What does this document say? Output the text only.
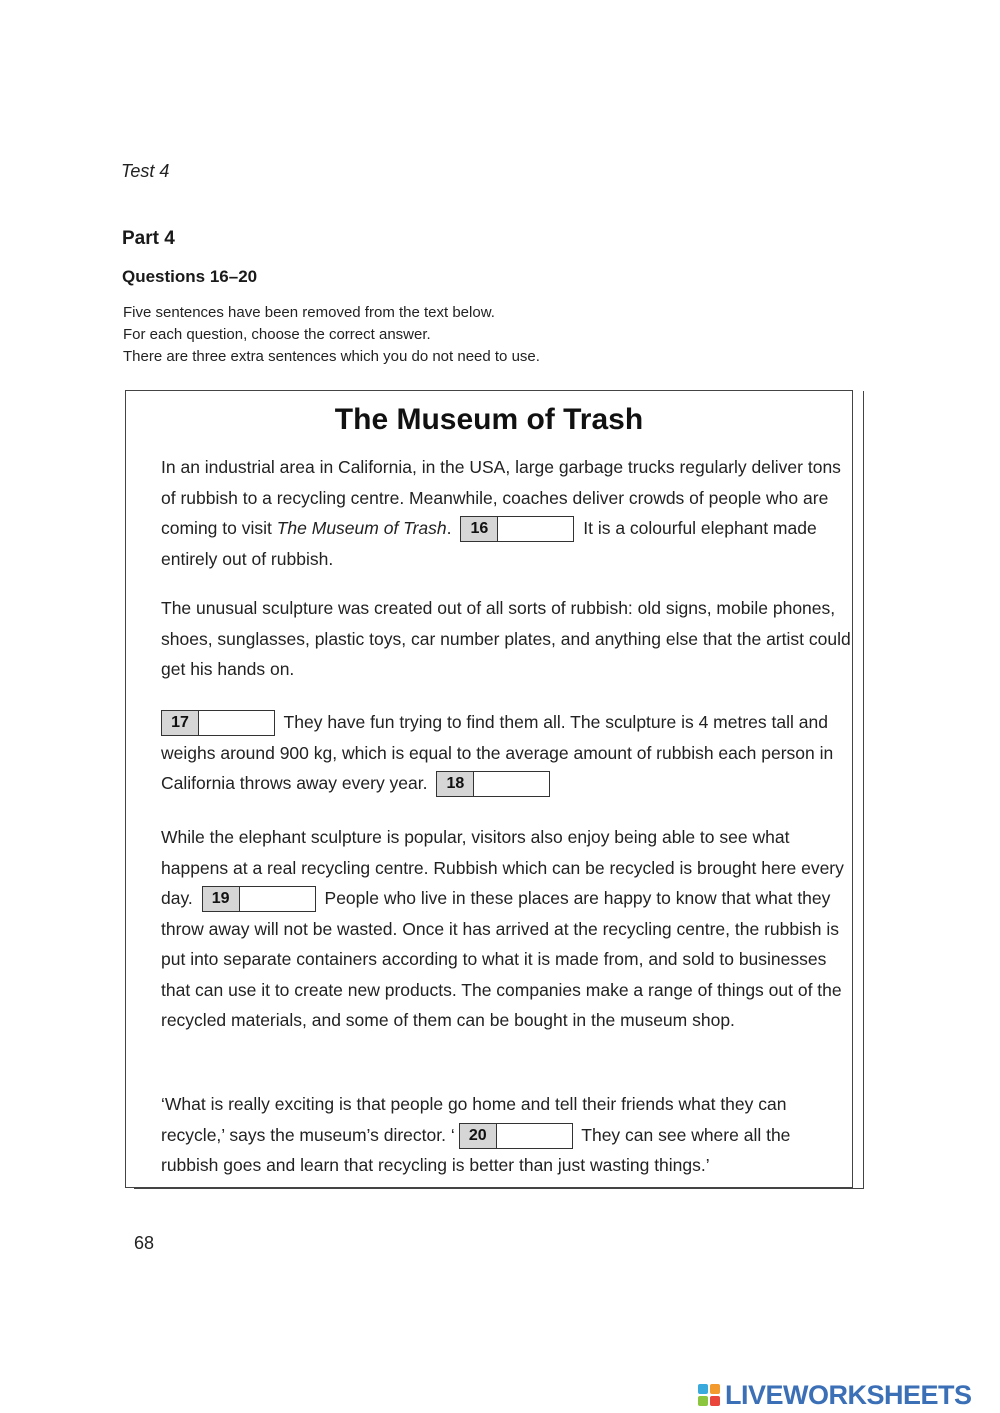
Test 4
Part 4
Questions 16–20
Five sentences have been removed from the text below.
For each question, choose the correct answer.
There are three extra sentences which you do not need to use.
The Museum of Trash
In an industrial area in California, in the USA, large garbage trucks regularly deliver tons of rubbish to a recycling centre. Meanwhile, coaches deliver crowds of people who are coming to visit The Museum of Trash.	16	It is a colourful elephant made entirely out of rubbish.
The unusual sculpture was created out of all sorts of rubbish: old signs, mobile phones, shoes, sunglasses, plastic toys, car number plates, and anything else that the artist could get his hands on.
17	They have fun trying to find them all. The sculpture is 4 metres tall and weighs around 900 kg, which is equal to the average amount of rubbish each person in California throws away every year.	18
While the elephant sculpture is popular, visitors also enjoy being able to see what happens at a real recycling centre. Rubbish which can be recycled is brought here every day.	19	People who live in these places are happy to know that what they throw away will not be wasted. Once it has arrived at the recycling centre, the rubbish is put into separate containers according to what it is made from, and sold to businesses that can use it to create new products. The companies make a range of things out of the recycled materials, and some of them can be bought in the museum shop.
‘What is really exciting is that people go home and tell their friends what they can recycle,’ says the museum’s director. ‘ 20	They can see where all the rubbish goes and learn that recycling is better than just wasting things.’
68
LIVEWORKSHEETS
